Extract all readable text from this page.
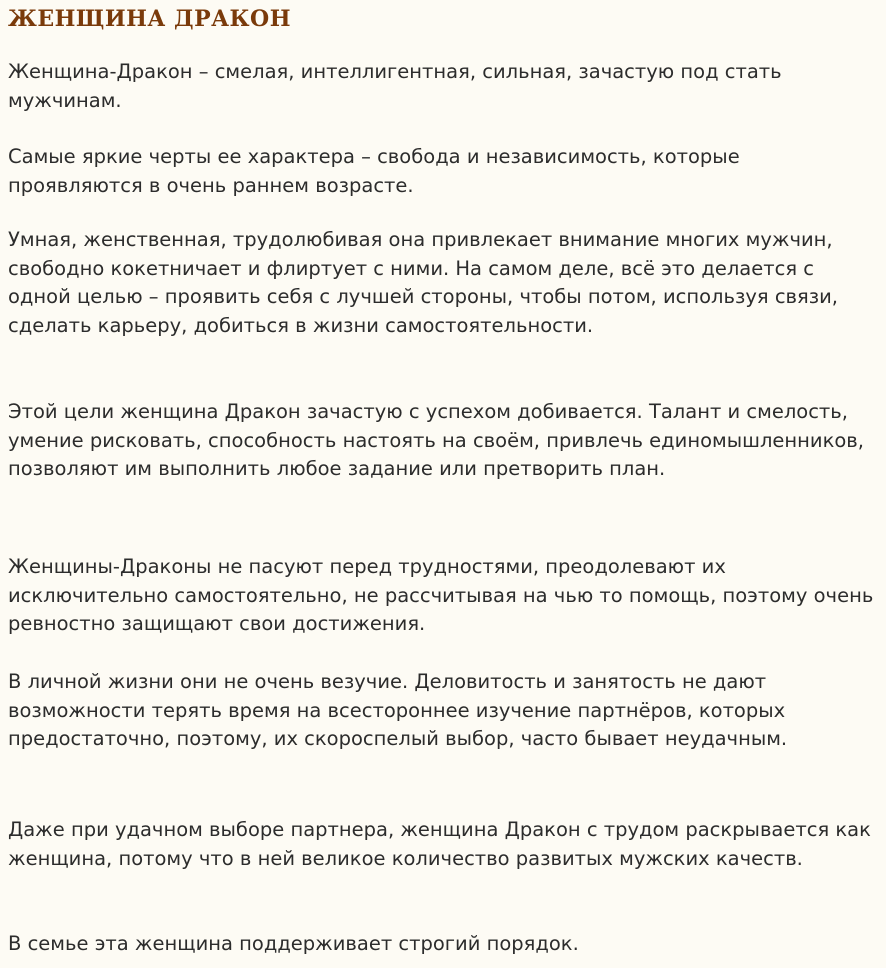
ЖЕНЩИНА ДРАКОН

Женщина-Дракон – смелая, интеллигентная, сильная, зачастую под стать мужчинам.

Самые яркие черты ее характера – свобода и независимость, которые проявляются в очень раннем возрасте.

Умная, женственная, трудолюбивая она привлекает внимание многих мужчин, свободно кокетничает и флиртует с ними. На самом деле, всё это делается с одной целью – проявить себя с лучшей стороны, чтобы потом, используя связи, сделать карьеру, добиться в жизни самостоятельности.

Этой цели женщина Дракон зачастую с успехом добивается. Талант и смелость, умение рисковать, способность настоять на своём, привлечь единомышленников, позволяют им выполнить любое задание или претворить план.

Женщины-Драконы не пасуют перед трудностями, преодолевают их исключительно самостоятельно, не рассчитывая на чью то помощь, поэтому очень ревностно защищают свои достижения.

В личной жизни они не очень везучие. Деловитость и занятость не дают возможности терять время на всестороннее изучение партнёров, которых предостаточно, поэтому, их скороспелый выбор, часто бывает неудачным.

Даже при удачном выборе партнера, женщина Дракон с трудом раскрывается как женщина, потому что в ней великое количество развитых мужских качеств.

В семье эта женщина поддерживает строгий порядок.
